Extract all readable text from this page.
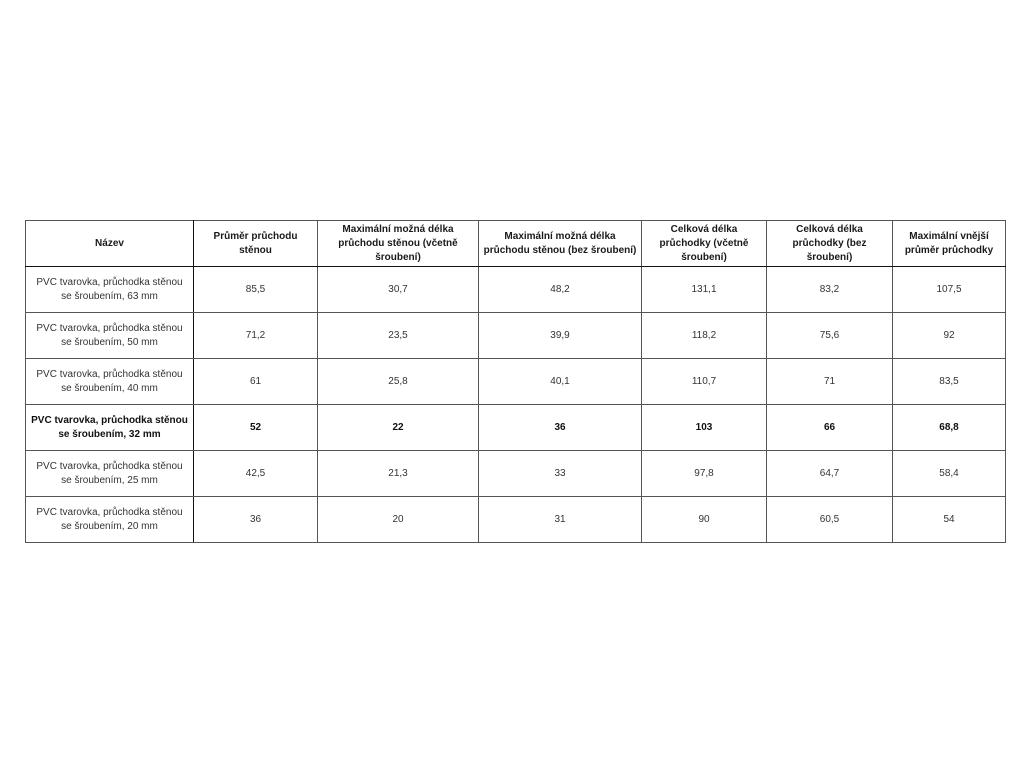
Název	Průměr průchodu stěnou	Maximální možná délka průchodu stěnou (včetně šroubení)	Maximální možná délka průchodu stěnou (bez šroubení)	Celková délka průchodky (včetně šroubení)	Celková délka průchodky (bez šroubení)	Maximální vnější průměr průchodky
PVC tvarovka, průchodka stěnou se šroubením, 63 mm	85,5	30,7	48,2	131,1	83,2	107,5
PVC tvarovka, průchodka stěnou se šroubením, 50 mm	71,2	23,5	39,9	118,2	75,6	92
PVC tvarovka, průchodka stěnou se šroubením, 40 mm	61	25,8	40,1	110,7	71	83,5
PVC tvarovka, průchodka stěnou se šroubením, 32 mm	52	22	36	103	66	68,8
PVC tvarovka, průchodka stěnou se šroubením, 25 mm	42,5	21,3	33	97,8	64,7	58,4
PVC tvarovka, průchodka stěnou se šroubením, 20 mm	36	20	31	90	60,5	54
